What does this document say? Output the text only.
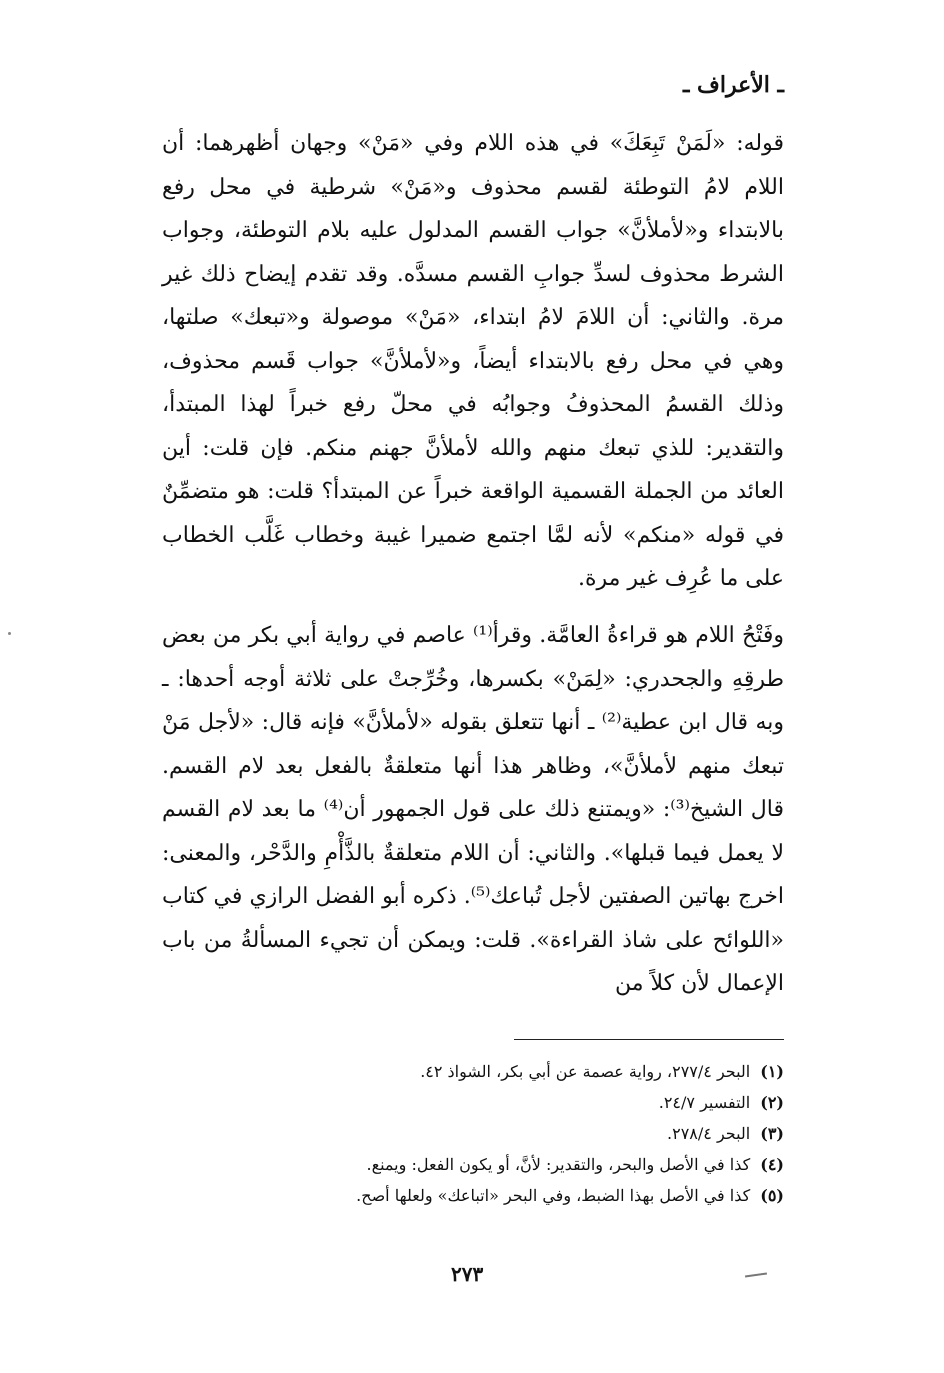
ـ الأعراف ـ
قوله: «لَمَنْ تَبِعَكَ» في هذه اللام وفي «مَنْ» وجهان أظهرهما: أن اللام لامُ التوطئة لقسم محذوف و«مَنْ» شرطية في محل رفع بالابتداء و«لأملأنَّ» جواب القسم المدلول عليه بلام التوطئة، وجواب الشرط محذوف لسدِّ جوابِ القسم مسدَّه. وقد تقدم إيضاح ذلك غير مرة. والثاني: أن اللامَ لامُ ابتداء، «مَنْ» موصولة و«تبعك» صلتها، وهي في محل رفع بالابتداء أيضاً، و«لأملأنَّ» جواب قَسم محذوف، وذلك القسمُ المحذوفُ وجوابُه في محلّ رفع خبراً لهذا المبتدأ، والتقدير: للذي تبعك منهم والله لأملأنَّ جهنم منكم. فإن قلت: أين العائد من الجملة القسمية الواقعة خبراً عن المبتدأ؟ قلت: هو متضمِّنٌ في قوله «منكم» لأنه لمَّا اجتمع ضميرا غيبة وخطاب غَلَّب الخطاب على ما عُرِف غير مرة.
وفَتْحُ اللام هو قراءةُ العامَّة. وقرأ⁽¹⁾ عاصم في رواية أبي بكر من بعض طرقِهِ والجحدري: «لِمَنْ» بكسرها، وخُرِّجتْ على ثلاثة أوجه أحدها: ـ وبه قال ابن عطية⁽²⁾ ـ أنها تتعلق بقوله «لأملأنَّ» فإنه قال: «لأجل مَنْ تبعك منهم لأملأنَّ»، وظاهر هذا أنها متعلقةٌ بالفعل بعد لام القسم. قال الشيخ⁽³⁾: «ويمتنع ذلك على قول الجمهور أن⁽⁴⁾ ما بعد لام القسم لا يعمل فيما قبلها». والثاني: أن اللام متعلقةٌ بالذَّأْمِ والدَّحْر، والمعنى: اخرج بهاتين الصفتين لأجل تُباعك⁽⁵⁾. ذكره أبو الفضل الرازي في كتاب «اللوائح على شاذ القراءة». قلت: ويمكن أن تجيء المسألةُ من باب الإعمال لأن كلاً من
(١)
البحر ٢٧٧/٤، رواية عصمة عن أبي بكر، الشواذ ٤٢.
(٢)
التفسير ٢٤/٧.
(٣)
البحر ٢٧٨/٤.
(٤)
كذا في الأصل والبحر، والتقدير: لأنَّ، أو يكون الفعل: ويمنع.
(٥)
كذا في الأصل بهذا الضبط، وفي البحر «اتباعك» ولعلها أصح.
٢٧٣
